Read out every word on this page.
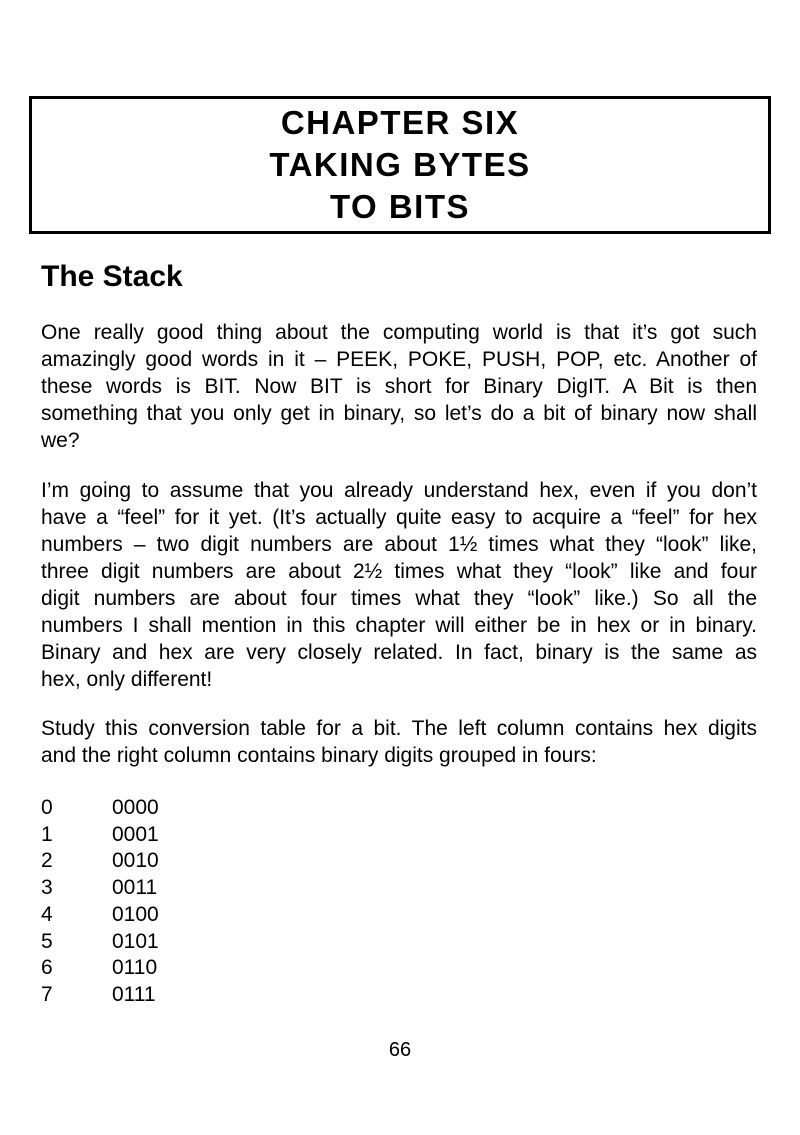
CHAPTER SIX
TAKING BYTES
TO BITS
The Stack
One really good thing about the computing world is that it’s got such
amazingly good words in it – PEEK, POKE, PUSH, POP, etc. Another of
these words is BIT. Now BIT is short for Binary DigIT. A Bit is then
something that you only get in binary, so let’s do a bit of binary now shall
we?
I’m going to assume that you already understand hex, even if you don’t
have a “feel” for it yet. (It’s actually quite easy to acquire a “feel” for hex
numbers – two digit numbers are about 1½ times what they “look” like,
three digit numbers are about 2½ times what they “look” like and four
digit numbers are about four times what they “look” like.) So all the
numbers I shall mention in this chapter will either be in hex or in binary.
Binary and hex are very closely related. In fact, binary is the same as
hex, only different!
Study this conversion table for a bit. The left column contains hex digits
and the right column contains binary digits grouped in fours:
0	0000
1	0001
2	0010
3	0011
4	0100
5	0101
6	0110
7	0111
66
